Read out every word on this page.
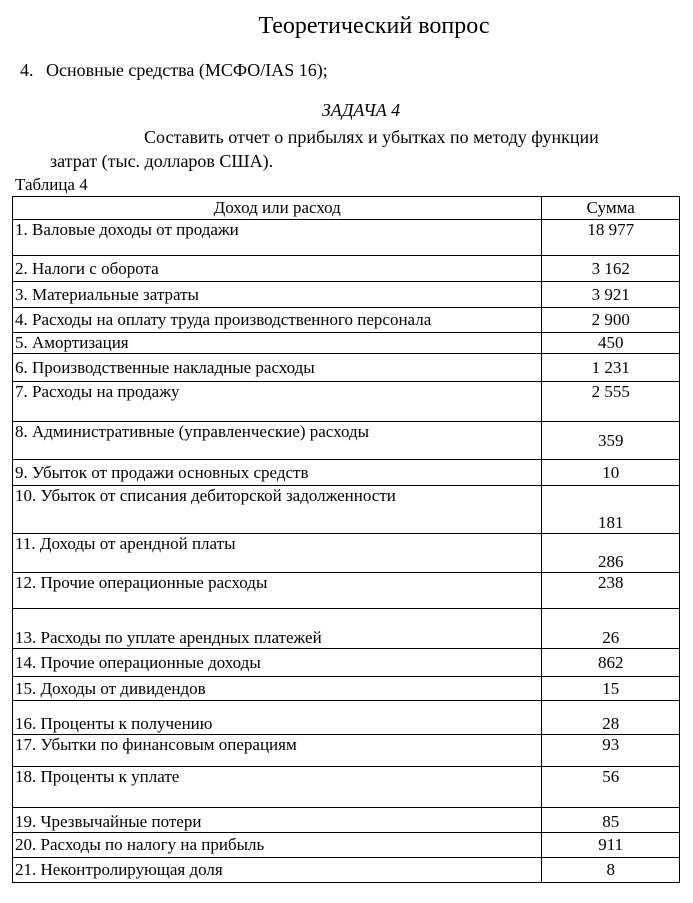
Теоретический вопрос
4. Основные средства (МСФО/IAS 16);
ЗАДАЧА 4
Составить отчет о прибылях и убытках по методу функции
затрат (тыс. долларов США).
Таблица 4
Доход или расход	Сумма
1. Валовые доходы от продажи	18 977
2. Налоги с оборота	3 162
3. Материальные затраты	3 921
4. Расходы на оплату труда производственного персонала	2 900
5. Амортизация	450
6. Производственные накладные расходы	1 231
7. Расходы на продажу	2 555
8. Административные (управленческие) расходы	359
9. Убыток от продажи основных средств	10
10. Убыток от списания дебиторской задолженности	181
11. Доходы от арендной платы	286
12. Прочие операционные расходы	238
13. Расходы по уплате арендных платежей	26
14. Прочие операционные доходы	862
15. Доходы от дивидендов	15
16. Проценты к получению	28
17. Убытки по финансовым операциям	93
18. Проценты к уплате	56
19. Чрезвычайные потери	85
20. Расходы по налогу на прибыль	911
21. Неконтролирующая доля	8
